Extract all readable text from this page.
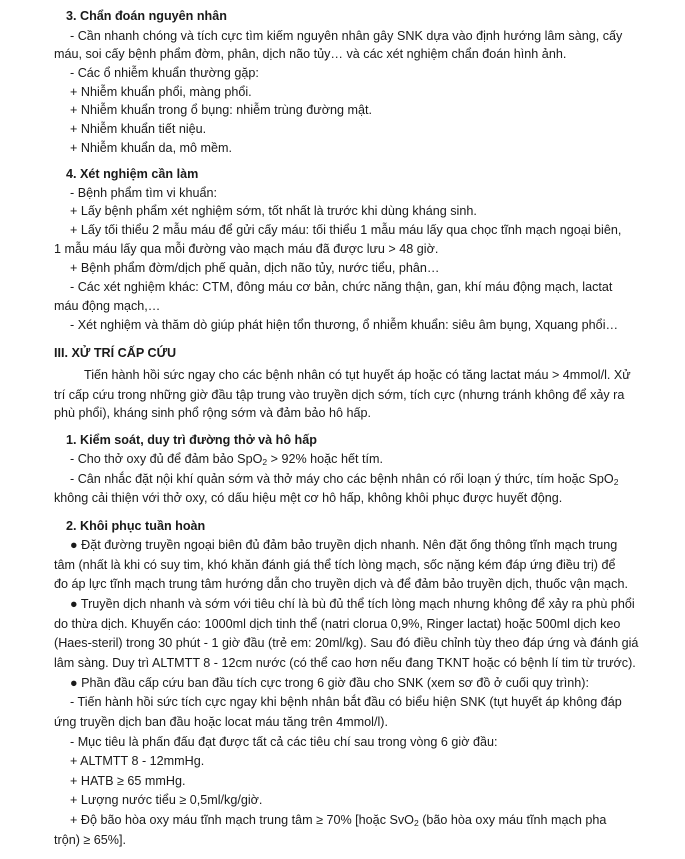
3. Chẩn đoán nguyên nhân
- Cần nhanh chóng và tích cực tìm kiếm nguyên nhân gây SNK dựa vào định hướng lâm sàng, cấy
máu, soi cấy bệnh phẩm đờm, phân, dịch não tủy… và các xét nghiệm chẩn đoán hình ảnh.
- Các ổ nhiễm khuẩn thường gặp:
+ Nhiễm khuẩn phổi, màng phổi.
+ Nhiễm khuẩn trong ổ bụng: nhiễm trùng đường mật.
+ Nhiễm khuẩn tiết niệu.
+ Nhiễm khuẩn da, mô mềm.
4. Xét nghiệm cần làm
- Bệnh phẩm tìm vi khuẩn:
+ Lấy bệnh phẩm xét nghiệm sớm, tốt nhất là trước khi dùng kháng sinh.
+ Lấy tối thiểu 2 mẫu máu để gửi cấy máu: tối thiểu 1 mẫu máu lấy qua chọc tĩnh mạch ngoại biên,
1 mẫu máu lấy qua mỗi đường vào mạch máu đã được lưu > 48 giờ.
+ Bệnh phẩm đờm/dịch phế quản, dịch não tủy, nước tiểu, phân…
- Các xét nghiệm khác: CTM, đông máu cơ bản, chức năng thận, gan, khí máu động mạch, lactat
máu động mạch,…
- Xét nghiệm và thăm dò giúp phát hiện tổn thương, ổ nhiễm khuẩn: siêu âm bụng, Xquang phổi…
III. XỬ TRÍ CẤP CỨU
Tiến hành hồi sức ngay cho các bệnh nhân có tụt huyết áp hoặc có tăng lactat máu > 4mmol/l. Xử
trí cấp cứu trong những giờ đầu tập trung vào truyền dịch sớm, tích cực (nhưng tránh không để xảy ra
phù phổi), kháng sinh phổ rộng sớm và đảm bảo hô hấp.
1. Kiểm soát, duy trì đường thở và hô hấp
- Cho thở oxy đủ để đảm bảo SpO$_2$ > 92% hoặc hết tím.
- Cân nhắc đặt nội khí quản sớm và thở máy cho các bệnh nhân có rối loạn ý thức, tím hoặc SpO$_2$
không cải thiện với thở oxy, có dấu hiệu mệt cơ hô hấp, không khôi phục được huyết động.
2. Khôi phục tuần hoàn
● Đặt đường truyền ngoại biên đủ đảm bảo truyền dịch nhanh. Nên đặt ống thông tĩnh mạch trung
tâm (nhất là khi có suy tim, khó khăn đánh giá thể tích lòng mạch, sốc nặng kém đáp ứng điều trị) để
đo áp lực tĩnh mạch trung tâm hướng dẫn cho truyền dịch và để đảm bảo truyền dịch, thuốc vận mạch.
● Truyền dịch nhanh và sớm với tiêu chí là bù đủ thể tích lòng mạch nhưng không để xảy ra phù phổi
do thừa dịch. Khuyến cáo: 1000ml dịch tinh thể (natri clorua 0,9%, Ringer lactat) hoặc 500ml dịch keo
(Haes-steril) trong 30 phút - 1 giờ đầu (trẻ em: 20ml/kg). Sau đó điều chỉnh tùy theo đáp ứng và đánh giá
lâm sàng. Duy trì ALTMTT 8 - 12cm nước (có thể cao hơn nếu đang TKNT hoặc có bệnh lí tim từ trước).
● Phần đầu cấp cứu ban đầu tích cực trong 6 giờ đầu cho SNK (xem sơ đồ ở cuối quy trình):
- Tiến hành hồi sức tích cực ngay khi bệnh nhân bắt đầu có biểu hiện SNK (tụt huyết áp không đáp
ứng truyền dịch ban đầu hoặc locat máu tăng trên 4mmol/l).
- Mục tiêu là phấn đấu đạt được tất cả các tiêu chí sau trong vòng 6 giờ đầu:
+ ALTMTT 8 - 12mmHg.
+ HATB ≥ 65 mmHg.
+ Lượng nước tiểu ≥ 0,5ml/kg/giờ.
+ Độ bão hòa oxy máu tĩnh mạch trung tâm ≥ 70% [hoặc SvO$_2$ (bão hòa oxy máu tĩnh mạch pha
trộn) ≥ 65%].
